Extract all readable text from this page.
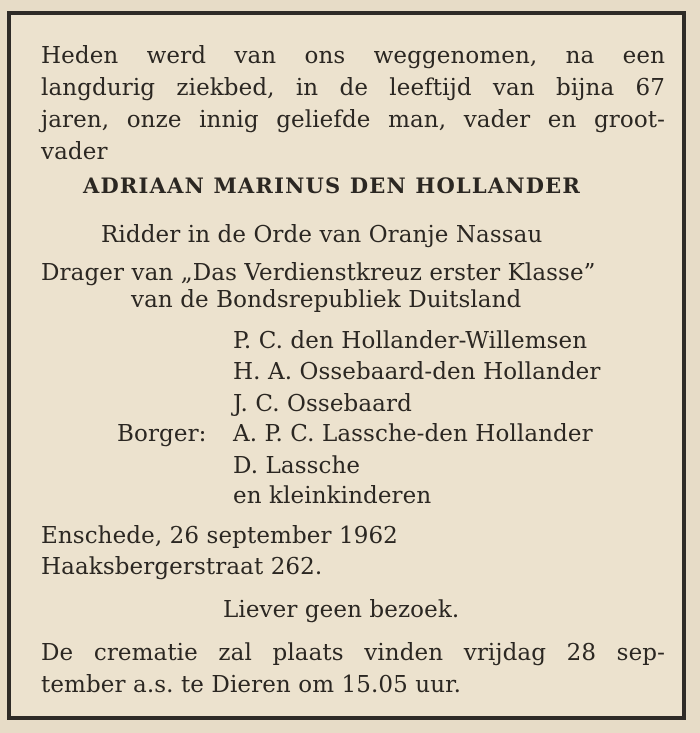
Heden werd van ons weggenomen, na een
langdurig ziekbed, in de leeftijd van bijna 67
jaren, onze innig geliefde man, vader en groot-
vader
ADRIAAN MARINUS DEN HOLLANDER
Ridder in de Orde van Oranje Nassau
Drager van „Das Verdienstkreuz erster Klasse”
van de Bondsrepubliek Duitsland
P. C. den Hollander-Willemsen
H. A. Ossebaard-den Hollander
J. C. Ossebaard
Borger: A. P. C. Lassche-den Hollander
D. Lassche
en kleinkinderen
Enschede, 26 september 1962
Haaksbergerstraat 262.
Liever geen bezoek.
De crematie zal plaats vinden vrijdag 28 sep-
tember a.s. te Dieren om 15.05 uur.
